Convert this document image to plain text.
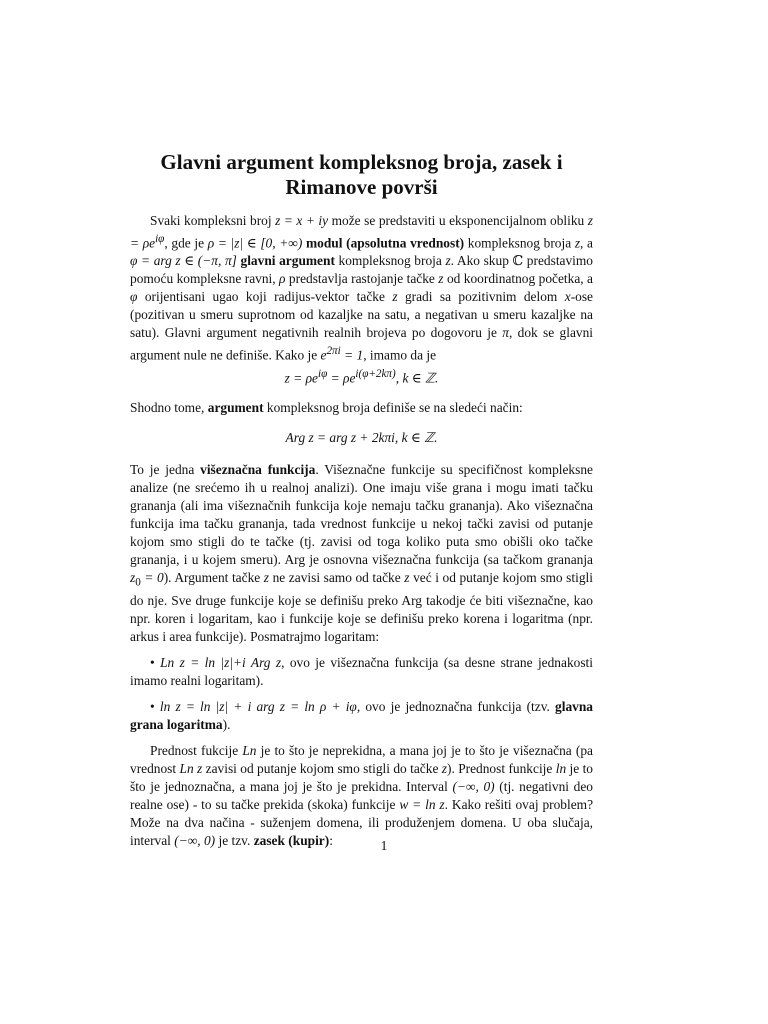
Glavni argument kompleksnog broja, zasek i Rimanove površi

Svaki kompleksni broj z = x + iy može se predstaviti u eksponencijalnom obliku $z = \rho e^{i\varphi}$, gde je ρ = |z| ∈ [0, +∞) modul (apsolutna vrednost) kompleksnog broja z, a φ = arg z ∈ (−π, π] glavni argument kompleksnog broja z. Ako skup ℂ predstavimo pomoću kompleksne ravni, ρ predstavlja rastojanje tačke z od koordinatnog početka, a φ orijentisani ugao koji radijus-vektor tačke z gradi sa pozitivnim delom x-ose (pozitivan u smeru suprotnom od kazaljke na satu, a negativan u smeru kazaljke na satu). Glavni argument negativnih realnih brojeva po dogovoru je π, dok se glavni argument nule ne definiše. Kako je $e^{2\pi i} = 1$, imamo da je

$z = \rho e^{i\varphi} = \rho e^{i(\varphi+2k\pi)}$, k ∈ ℤ.

Shodno tome, argument kompleksnog broja definiše se na sledeći način:

Arg z = arg z + 2kπi, k ∈ ℤ.

To je jedna višeznačna funkcija. Višeznačne funkcije su specifičnost kompleksne analize (ne srećemo ih u realnoj analizi). One imaju više grana i mogu imati tačku grananja (ali ima višeznačnih funkcija koje nemaju tačku grananja). Ako višeznačna funkcija ima tačku grananja, tada vrednost funkcije u nekoj tački zavisi od putanje kojom smo stigli do te tačke (tj. zavisi od toga koliko puta smo obišli oko tačke grananja, i u kojem smeru). Arg je osnovna višeznačna funkcija (sa tačkom grananja $z_0 = 0$). Argument tačke z ne zavisi samo od tačke z već i od putanje kojom smo stigli do nje. Sve druge funkcije koje se definišu preko Arg takodje će biti višeznačne, kao npr. koren i logaritam, kao i funkcije koje se definišu preko korena i logaritma (npr. arkus i area funkcije). Posmatrajmo logaritam:

• Ln z = ln |z|+i Arg z, ovo je višeznačna funkcija (sa desne strane jednakosti imamo realni logaritam).

• ln z = ln |z| + i arg z = ln ρ + iφ, ovo je jednoznačna funkcija (tzv. glavna grana logaritma).

Prednost fukcije Ln je to što je neprekidna, a mana joj je to što je višeznačna (pa vrednost Ln z zavisi od putanje kojom smo stigli do tačke z). Prednost funkcije ln je to što je jednoznačna, a mana joj je što je prekidna. Interval (−∞, 0) (tj. negativni deo realne ose) - to su tačke prekida (skoka) funkcije w = ln z. Kako rešiti ovaj problem? Može na dva načina - suženjem domena, ili produženjem domena. U oba slučaja, interval (−∞, 0) je tzv. zasek (kupir):	1
